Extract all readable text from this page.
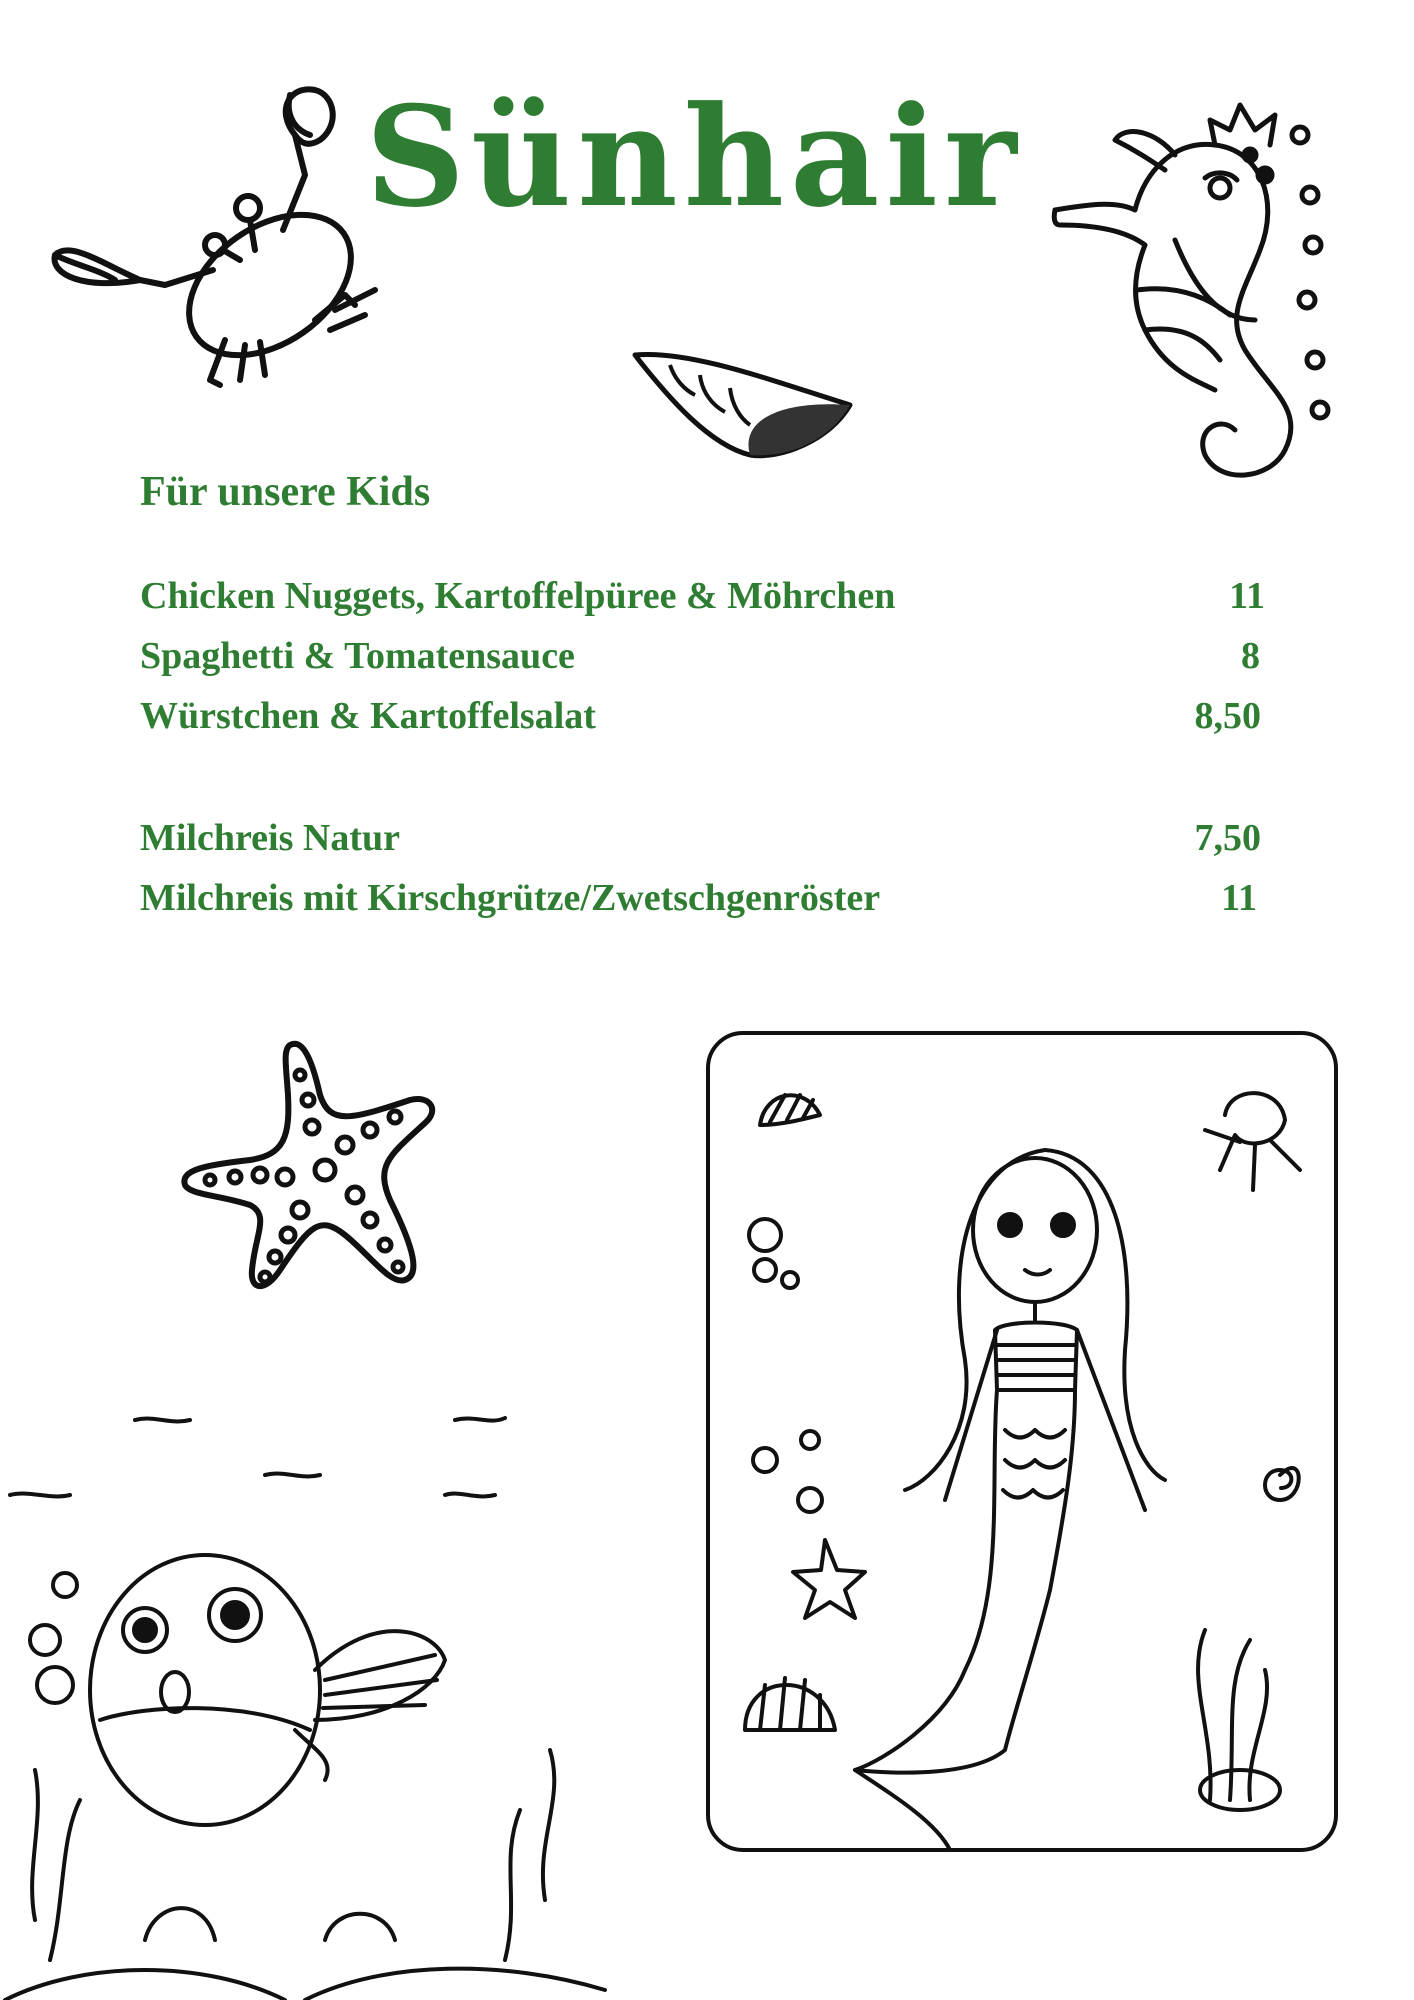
Sünhair
Für unsere Kids
Chicken Nuggets, Kartoffelpüree & Möhrchen	11
Spaghetti & Tomatensauce	8
Würstchen & Kartoffelsalat	8,50
Milchreis Natur	7,50
Milchreis mit Kirschgrütze/Zwetschgenröster	11
